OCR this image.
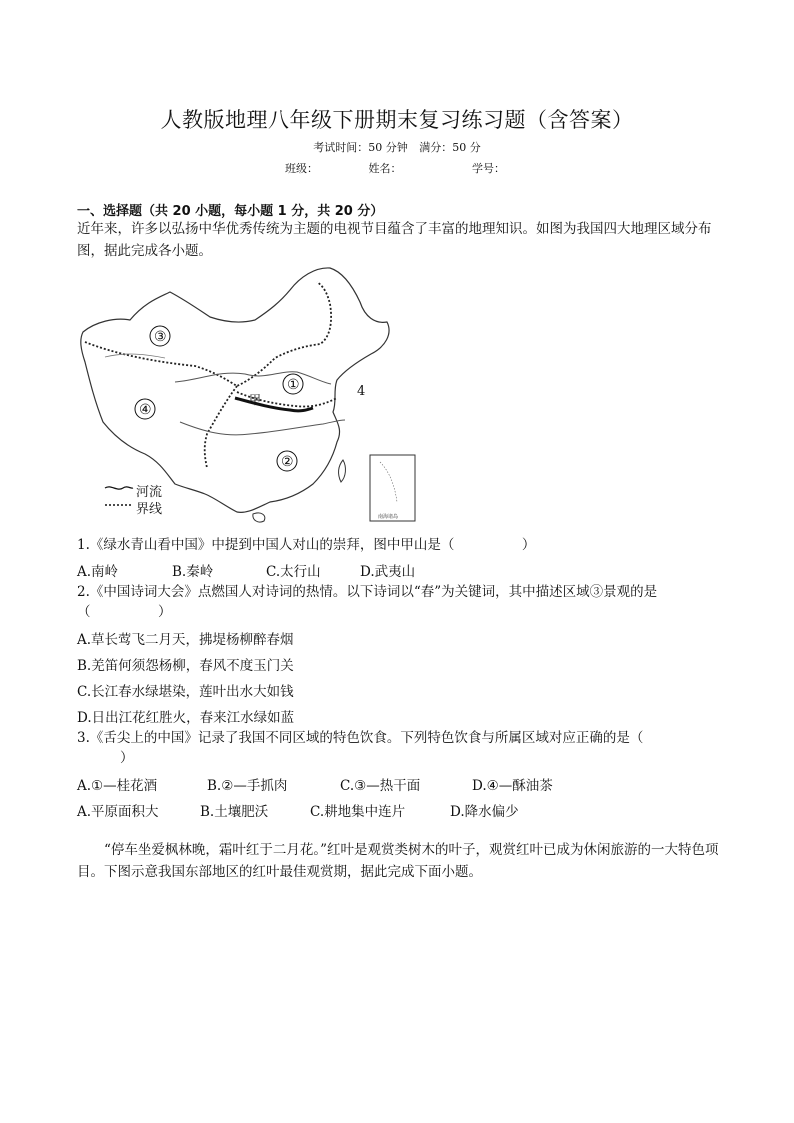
人教版地理八年级下册期末复习练习题（含答案）
考试时间：50 分钟 满分：50 分
班级：	姓名：	学号：
一、选择题（共 20 小题，每小题 1 分，共 20 分）
近年来，许多以弘扬中华优秀传统为主题的电视节目蕴含了丰富的地理知识。如图为我国四大地理区域分布图，据此完成各小题。
①
②
③
④
甲
南海诸岛
河流
界线
4
1.《绿水青山看中国》中提到中国人对山的崇拜，图中甲山是（　　　　　）
A.南岭	B.秦岭	C.太行山	D.武夷山
2.《中国诗词大会》点燃国人对诗词的热情。以下诗词以“春”为关键词，其中描述区域③景观的是
（　　　　　）
A.草长莺飞二月天，拂堤杨柳醉春烟
B.羌笛何须怨杨柳，春风不度玉门关
C.长江春水绿堪染，莲叶出水大如钱
D.日出江花红胜火，春来江水绿如蓝
3.《舌尖上的中国》记录了我国不同区域的特色饮食。下列特色饮食与所属区域对应正确的是（
）
A.①—桂花酒	B.②—手抓肉	C.③—热干面	D.④—酥油茶
A.平原面积大	B.土壤肥沃	C.耕地集中连片	D.降水偏少
“停车坐爱枫林晚，霜叶红于二月花。”红叶是观赏类树木的叶子，观赏红叶已成为休闲旅游的一大特色项目。下图示意我国东部地区的红叶最佳观赏期，据此完成下面小题。
